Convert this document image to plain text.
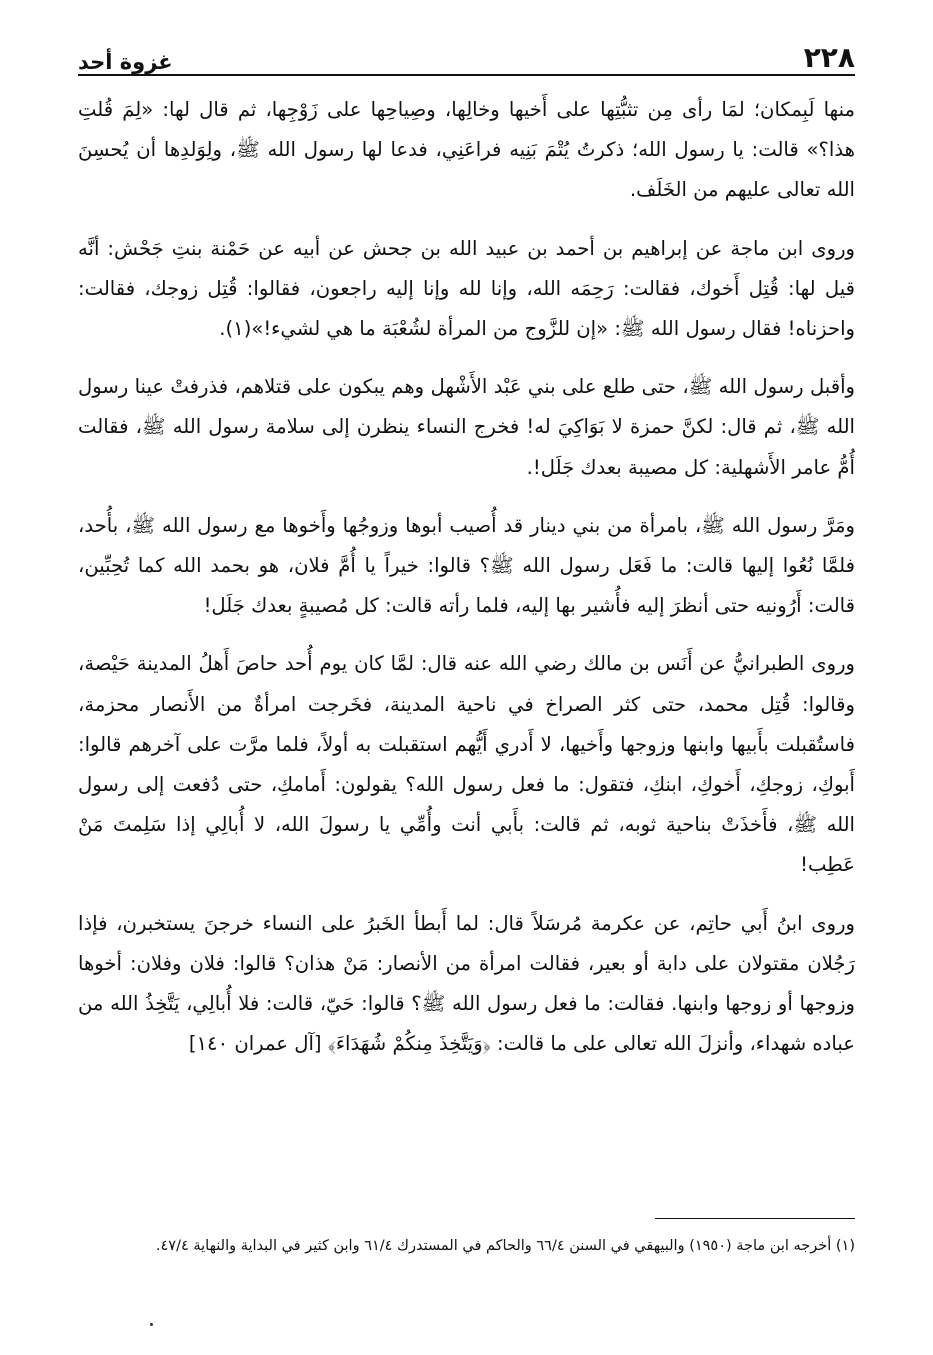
٢٢٨
غزوة أحد

منها لَبِمكان؛ لمَا رأى مِن تثبُّتِها على أَخيها وخالِها، وصِياحِها على زَوْجِها، ثم قال لها: «لِمَ قُلتِ هذا؟» قالت: يا رسول الله؛ ذكرتُ يُتْمَ بَنِيه فراعَنِي، فدعا لها رسول الله ﷺ، ولِوَلدِها أن يُحسِنَ الله تعالى عليهم من الخَلَف.

وروى ابن ماجة عن إبراهيم بن أحمد بن عبيد الله بن جحش عن أبيه عن حَمْنة بنتِ جَحْش: أنَّه قيل لها: قُتِل أَخوك، فقالت: رَحِمَه الله، وإنا لله وإنا إليه راجعون، فقالوا: قُتِل زوجك، فقالت: واحزناه! فقال رسول الله ﷺ: «إن للزَّوج من المرأة لشُعْبَة ما هي لشيء!»(١).

وأقبل رسول الله ﷺ، حتى طلع على بني عَبْد الأَشْهل وهم يبكون على قتلاهم، فذرفتْ عينا رسول الله ﷺ، ثم قال: لكنَّ حمزة لا بَوَاكِيَ له! فخرج النساء ينظرن إلى سلامة رسول الله ﷺ، فقالت أُمُّ عامر الأَشهلية: كل مصيبة بعدك جَلَل!.

ومَرَّ رسول الله ﷺ، بامرأة من بني دينار قد أُصيب أبوها وزوجُها وأَخوها مع رسول الله ﷺ، بأُحد، فلمَّا نُعُوا إليها قالت: ما فَعَل رسول الله ﷺ؟ قالوا: خيراً يا أُمَّ فلان، هو بحمد الله كما تُحِبِّين، قالت: أَرُونيه حتى أنظرَ إليه فأُشير بها إليه، فلما رأته قالت: كل مُصيبةٍ بعدك جَلَل!

وروى الطبرانيُّ عن أَنَس بن مالك رضي الله عنه قال: لمَّا كان يوم أُحد حاصَ أَهلُ المدينة حَيْصة، وقالوا: قُتِل محمد، حتى كثر الصراخ في ناحية المدينة، فخَرجت امرأةٌ من الأَنصار محزمة، فاستُقبلت بأَبيها وابنها وزوجها وأَخيها، لا أَدري أَيُّهم استقبلت به أولاً، فلما مرَّت على آخرهم قالوا: أَبوكِ، زوجكِ، أَخوكِ، ابنكِ، فتقول: ما فعل رسول الله؟ يقولون: أَمامكِ، حتى دُفعت إلى رسول الله ﷺ، فأَخذَتْ بناحية ثوبه، ثم قالت: بأَبي أنت وأُمِّي يا رسولَ الله، لا أُبالِي إذا سَلِمتَ مَنْ عَطِب!

وروى ابنُ أَبي حاتِم، عن عكرمة مُرسَلاً قال: لما أَبطأ الخَبرُ على النساء خرجنَ يستخبرن، فإذا رَجُلان مقتولان على دابة أو بعير، فقالت امرأة من الأنصار: مَنْ هذان؟ قالوا: فلان وفلان: أخوها وزوجها أو زوجها وابنها. فقالت: ما فعل رسول الله ﷺ؟ قالوا: حَيّ، قالت: فلا أُبالِي، يَتَّخِذُ الله من عباده شهداء، وأنزلَ الله تعالى على ما قالت: ﴿وَيَتَّخِذَ مِنكُمْ شُهَدَاءَ﴾ [آل عمران ١٤٠]

(١) أخرجه ابن ماجة (١٩٥٠) والبيهقي في السنن ٦٦/٤ والحاكم في المستدرك ٦١/٤ وابن كثير في البداية والنهاية ٤٧/٤.
